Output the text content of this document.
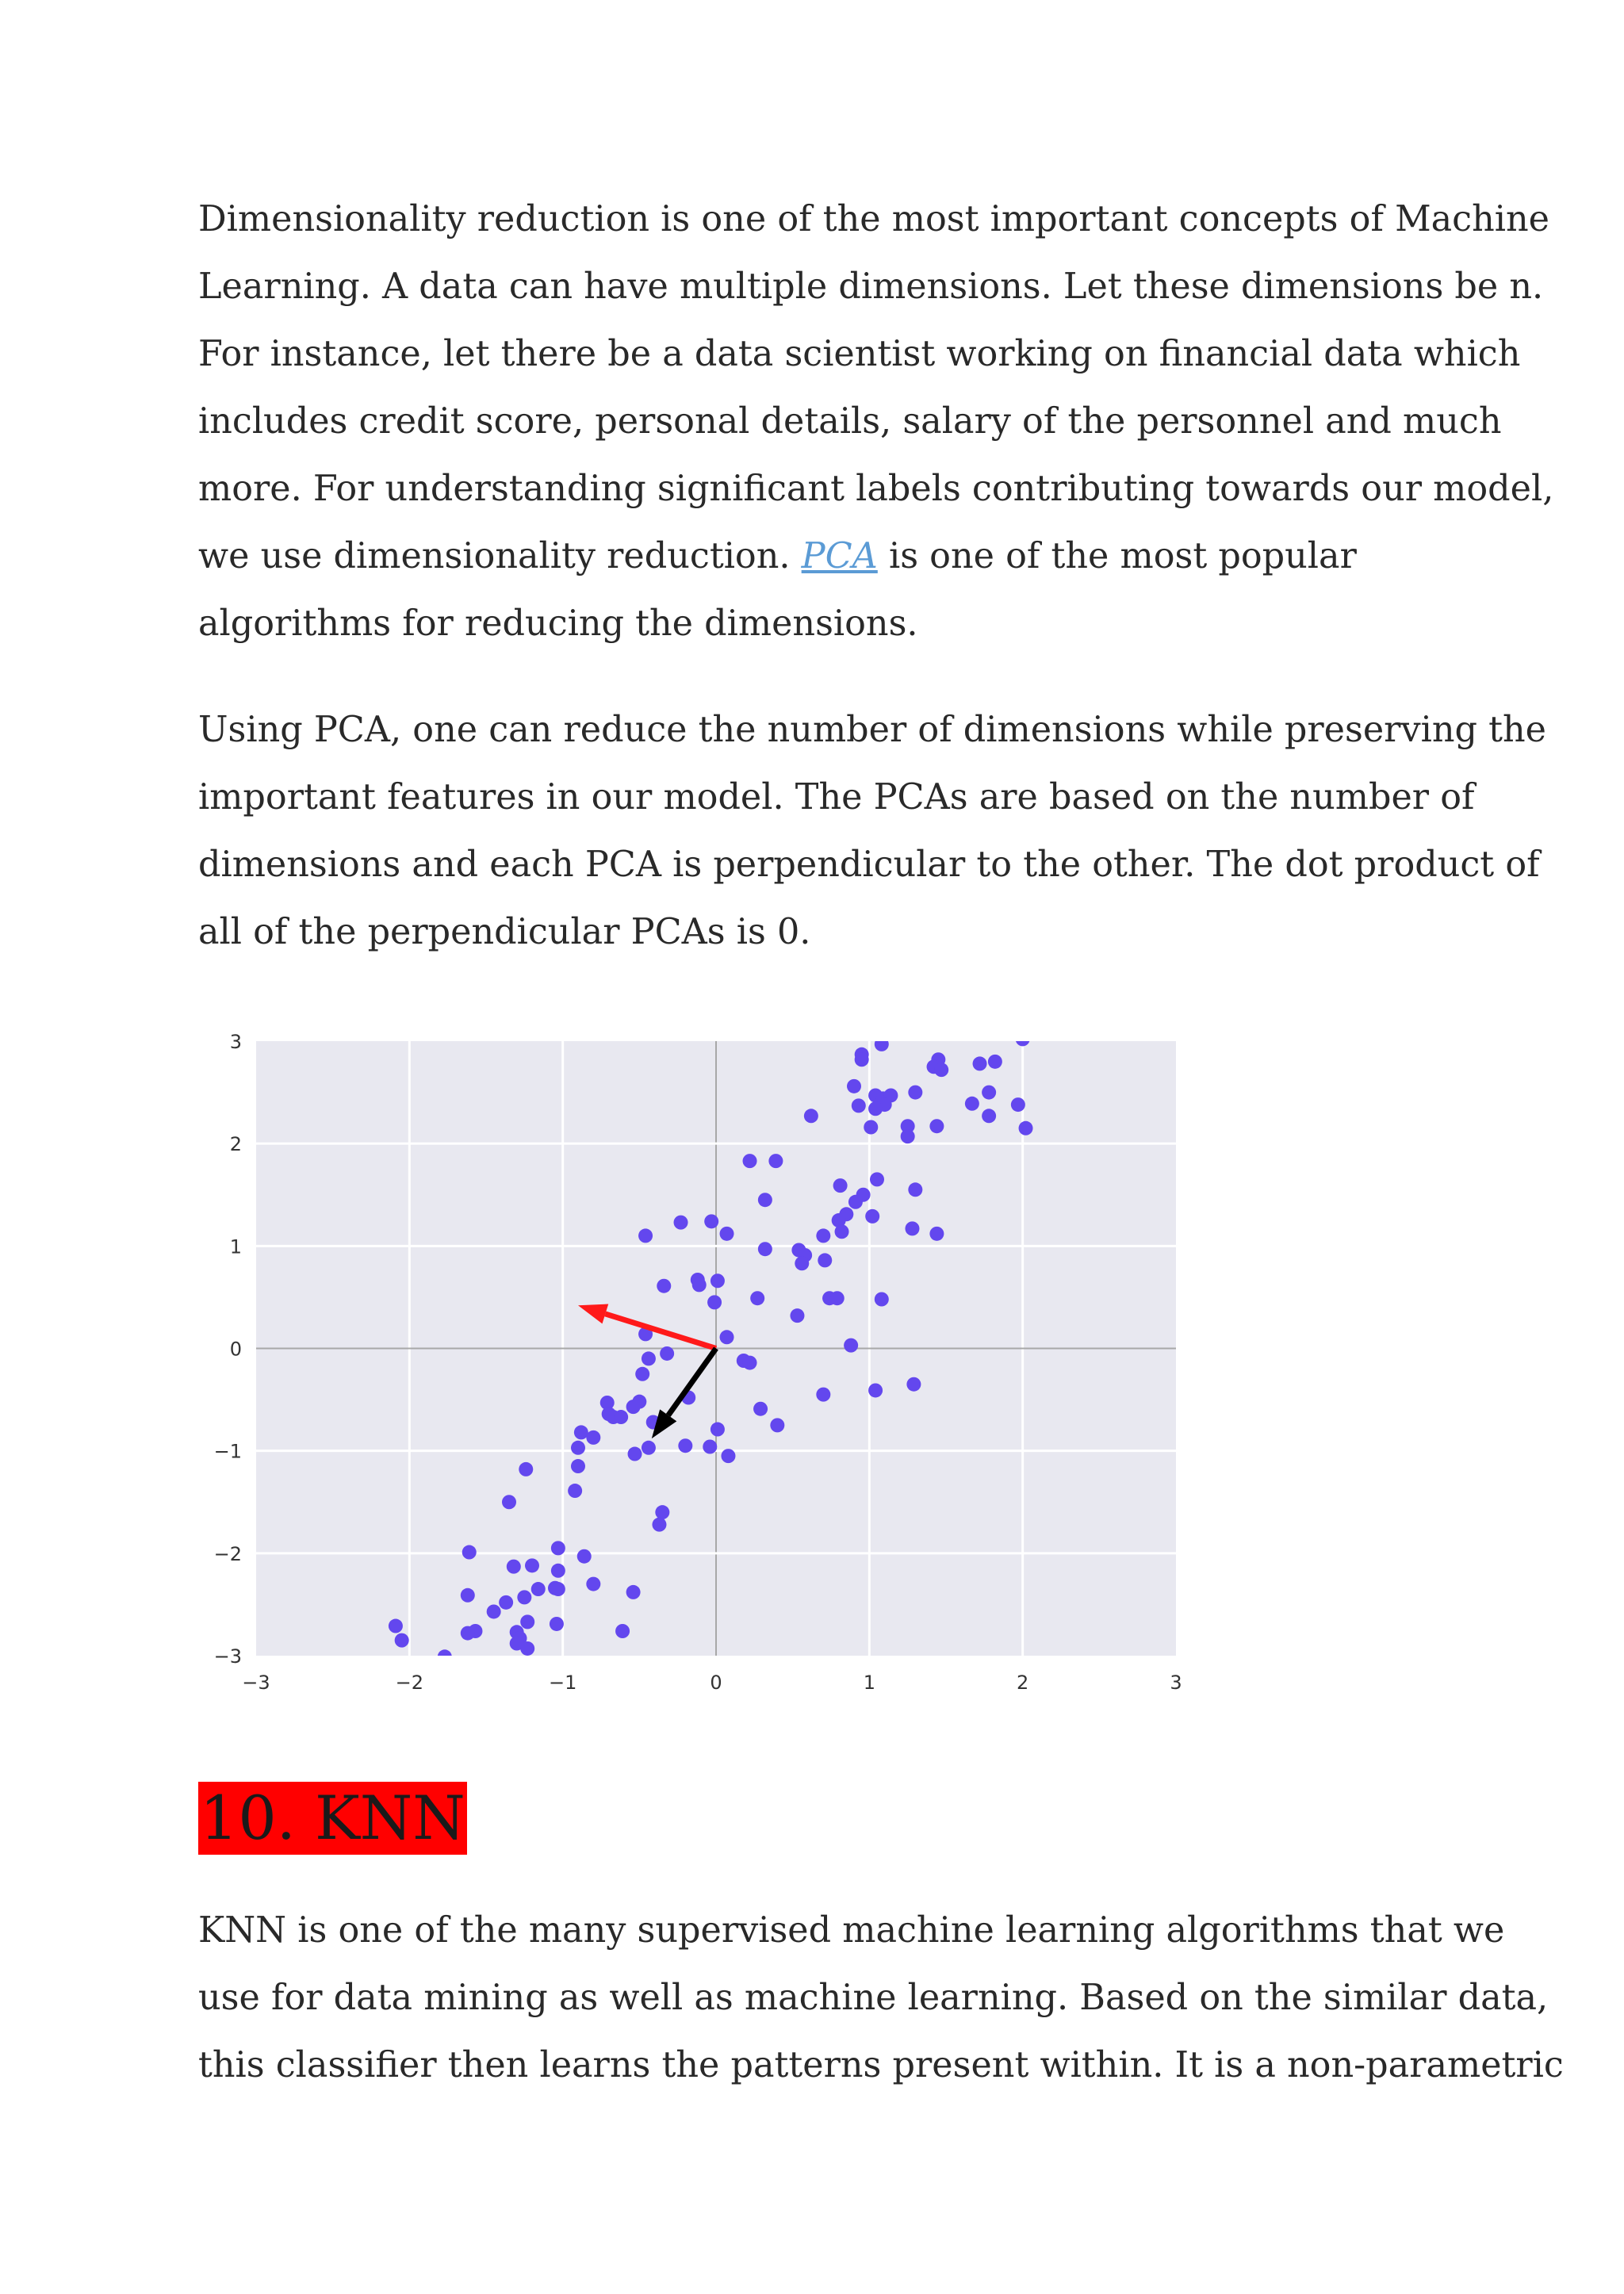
Dimensionality reduction is one of the most important concepts of Machine
Learning. A data can have multiple dimensions. Let these dimensions be n.
For instance, let there be a data scientist working on financial data which
includes credit score, personal details, salary of the personnel and much
more. For understanding significant labels contributing towards our model,
we use dimensionality reduction. PCA is one of the most popular
algorithms for reducing the dimensions.

Using PCA, one can reduce the number of dimensions while preserving the
important features in our model. The PCAs are based on the number of
dimensions and each PCA is perpendicular to the other. The dot product of
all of the perpendicular PCAs is 0.

−3	−2	−1	0	1	2	3
3
2
1
0
−1
−2
−3
10. KNN

KNN is one of the many supervised machine learning algorithms that we
use for data mining as well as machine learning. Based on the similar data,
this classifier then learns the patterns present within. It is a non-parametric
